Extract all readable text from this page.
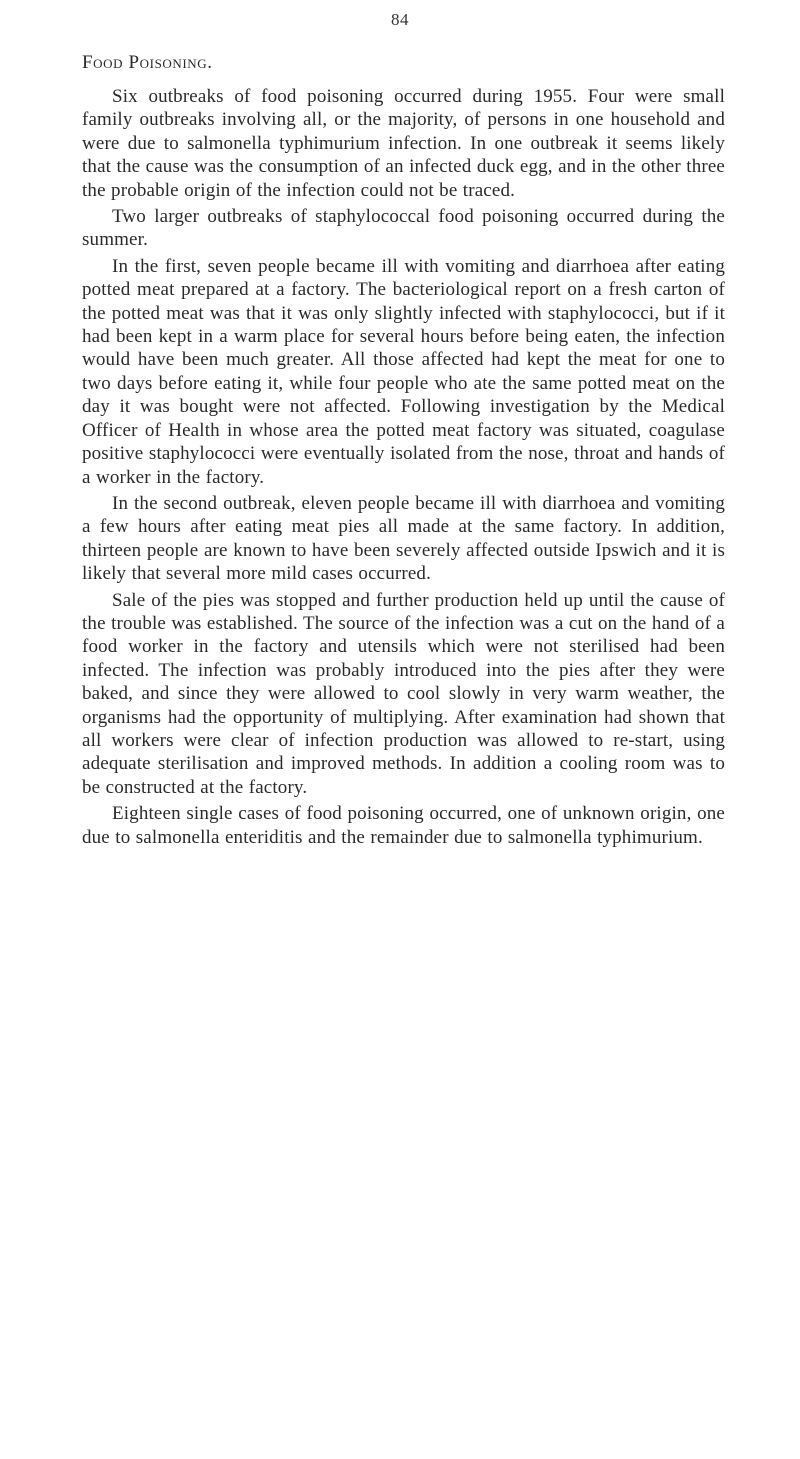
84
Food Poisoning.

Six outbreaks of food poisoning occurred during 1955. Four were small family outbreaks involving all, or the majority, of persons in one household and were due to salmonella typhimurium infection. In one outbreak it seems likely that the cause was the consumption of an infected duck egg, and in the other three the probable origin of the infection could not be traced.

Two larger outbreaks of staphylococcal food poisoning occurred during the summer.

In the first, seven people became ill with vomiting and diarrhoea after eating potted meat prepared at a factory. The bacteriological report on a fresh carton of the potted meat was that it was only slightly infected with staphylococci, but if it had been kept in a warm place for several hours before being eaten, the infection would have been much greater. All those affected had kept the meat for one to two days before eating it, while four people who ate the same potted meat on the day it was bought were not affected. Following investigation by the Medical Officer of Health in whose area the potted meat factory was situated, coagulase positive staphylococci were eventually isolated from the nose, throat and hands of a worker in the factory.

In the second outbreak, eleven people became ill with diarrhoea and vomiting a few hours after eating meat pies all made at the same factory. In addition, thirteen people are known to have been severely affected outside Ipswich and it is likely that several more mild cases occurred.

Sale of the pies was stopped and further production held up until the cause of the trouble was established. The source of the infection was a cut on the hand of a food worker in the factory and utensils which were not sterilised had been infected. The infection was probably introduced into the pies after they were baked, and since they were allowed to cool slowly in very warm weather, the organisms had the opportunity of multiplying. After examination had shown that all workers were clear of infection production was allowed to re-start, using adequate sterilisation and improved methods. In addition a cooling room was to be constructed at the factory.

Eighteen single cases of food poisoning occurred, one of unknown origin, one due to salmonella enteriditis and the remainder due to salmonella typhimurium.
